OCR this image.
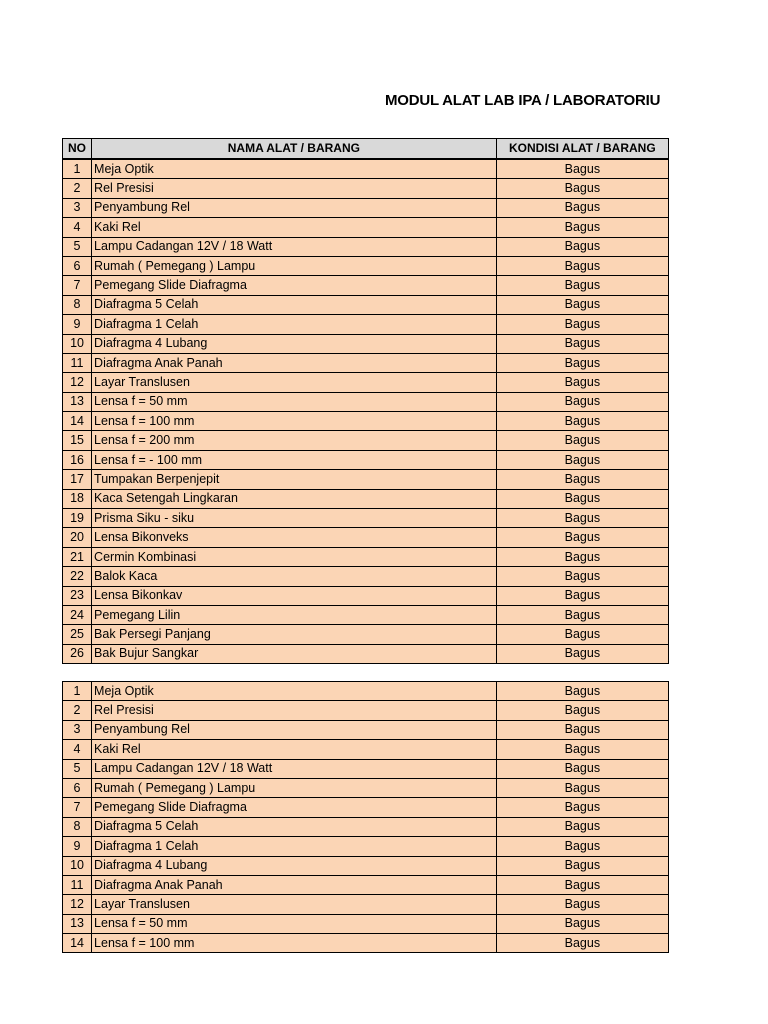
MODUL ALAT LAB IPA / LABORATORIU
NO	NAMA ALAT / BARANG	KONDISI ALAT / BARANG
1	Meja Optik	Bagus
2	Rel Presisi	Bagus
3	Penyambung Rel	Bagus
4	Kaki Rel	Bagus
5	Lampu Cadangan 12V / 18 Watt	Bagus
6	Rumah ( Pemegang ) Lampu	Bagus
7	Pemegang Slide Diafragma	Bagus
8	Diafragma 5 Celah	Bagus
9	Diafragma 1 Celah	Bagus
10	Diafragma 4 Lubang	Bagus
11	Diafragma Anak Panah	Bagus
12	Layar Translusen	Bagus
13	Lensa f = 50 mm	Bagus
14	Lensa f = 100 mm	Bagus
15	Lensa f = 200 mm	Bagus
16	Lensa f = - 100 mm	Bagus
17	Tumpakan Berpenjepit	Bagus
18	Kaca Setengah Lingkaran	Bagus
19	Prisma Siku - siku	Bagus
20	Lensa Bikonveks	Bagus
21	Cermin Kombinasi	Bagus
22	Balok Kaca	Bagus
23	Lensa Bikonkav	Bagus
24	Pemegang Lilin	Bagus
25	Bak Persegi Panjang	Bagus
26	Bak Bujur Sangkar	Bagus
1	Meja Optik	Bagus
2	Rel Presisi	Bagus
3	Penyambung Rel	Bagus
4	Kaki Rel	Bagus
5	Lampu Cadangan 12V / 18 Watt	Bagus
6	Rumah ( Pemegang ) Lampu	Bagus
7	Pemegang Slide Diafragma	Bagus
8	Diafragma 5 Celah	Bagus
9	Diafragma 1 Celah	Bagus
10	Diafragma 4 Lubang	Bagus
11	Diafragma Anak Panah	Bagus
12	Layar Translusen	Bagus
13	Lensa f = 50 mm	Bagus
14	Lensa f = 100 mm	Bagus
